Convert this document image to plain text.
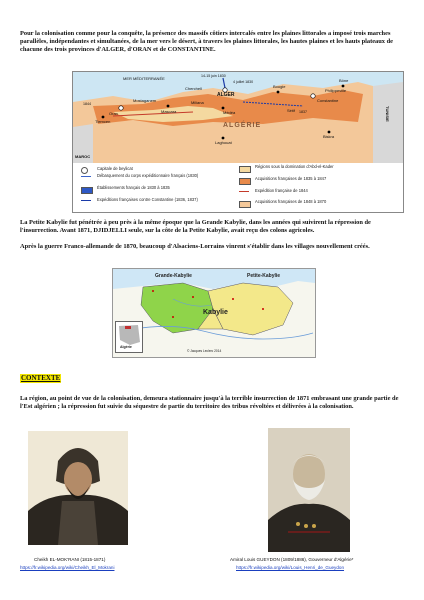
Pour la colonisation comme pour la conquête, la présence des massifs côtiers intercalés entre les plaines littorales a imposé trois marches parallèles, indépendantes et simultanées, de la mer vers le désert, à travers les plaines littorales, les hautes plaines et les hauts plateaux de chacune des trois provinces d'ALGER, d'ORAN et de CONSTANTINE.
MER MÉDITERRANÉE
ALGÉRIE
MAROC
TUNISIE
ALGER
Oran
Constantine
Bône
Bougie
Médéa
Mascara
Tlemcen
Laghouat
Biskra
Cherchell
Mostaganem
Sétif
Miliana
Philippeville
14-15 juin 1830
4 juillet 1830
1837
1844
Capitale de beylicat
Débarquement du corps expéditionnaire français (1830)
Établissements français de 1830 à 1835
Expéditions françaises contre Constantine (1836, 1837)
Régions sous la domination d'Abd-el-Kader
Acquisitions françaises de 1835 à 1847
Expédition française de 1844
Acquisitions françaises de 1848 à 1870
La Petite Kabylie fut pénétrée à peu près à la même époque que la Grande Kabylie, dans les années qui suivirent la répression de l'insurrection. Avant 1871, DJIDJELLI seule, sur la côte de la Petite Kabylie, avait reçu des colons agricoles.
Après la guerre Franco-allemande de 1870, beaucoup d'Alsaciens-Lorrains vinrent s'établir dans les villages nouvellement créés.
Grande-Kabylie	Petite-Kabylie
Kabylie
Algérie
© Jacques Leclerc 2014
CONTEXTE
La région, au point de vue de la colonisation, demeura stationnaire jusqu'à la terrible insurrection de 1871 embrasant une grande partie de l'Est algérien ; la répression fut suivie du séquestre de partie du territoire des tribus révoltées et délivrées à la colonisation.
Cheikh EL-MOK'RANI (1815-1871)
https://fr.wikipedia.org/wiki/Cheikh_El_Mokrani
Amiral Louis GUEYDON (1809/1886), Gouverneur d'Algérie*
https://fr.wikipedia.org/wiki/Louis_Henri_de_Gueydon
